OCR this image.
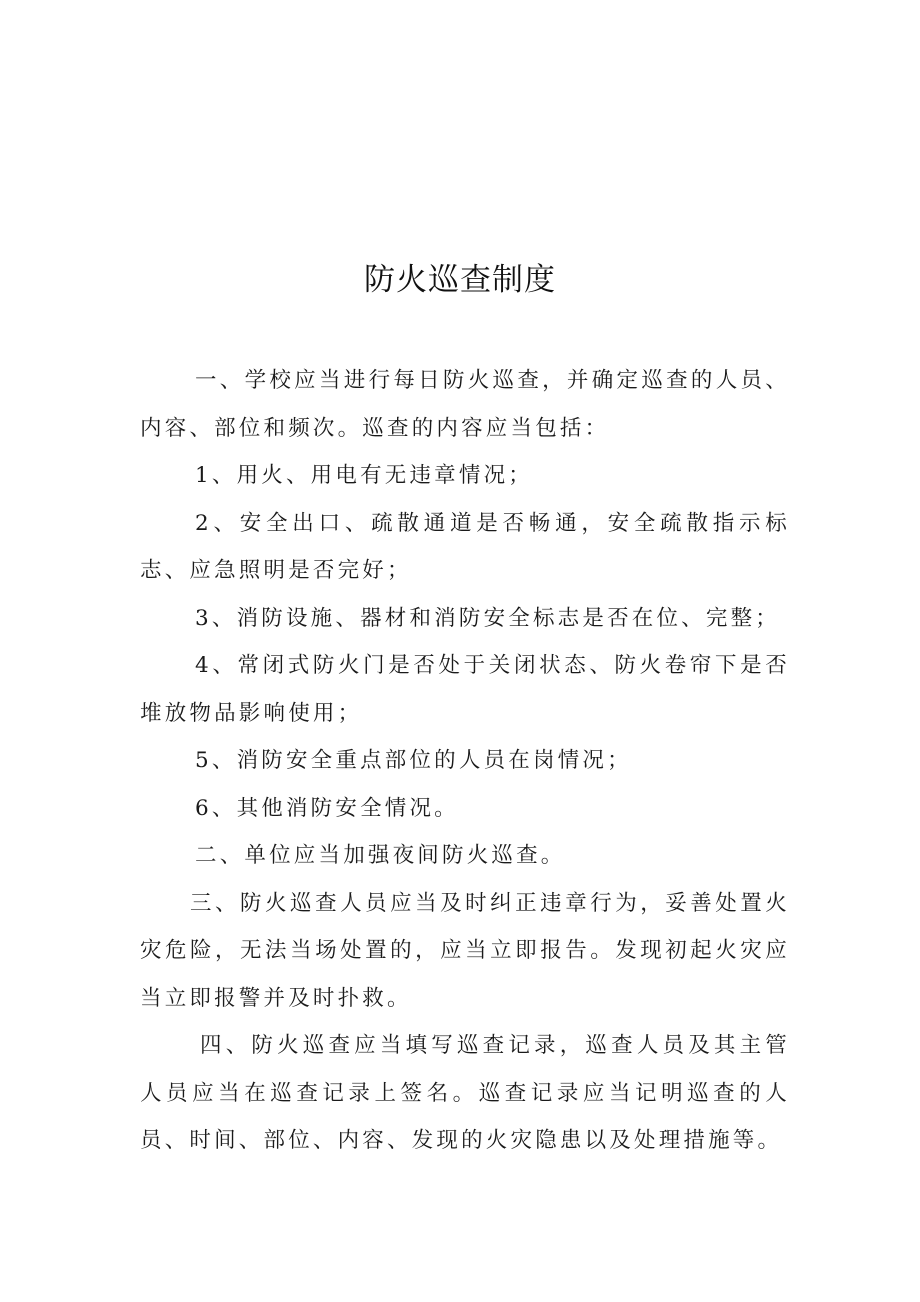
防火巡查制度

一、学校应当进行每日防火巡查，并确定巡查的人员、内容、部位和频次。巡查的内容应当包括：

1、用火、用电有无违章情况；

2、安全出口、疏散通道是否畅通，安全疏散指示标志、应急照明是否完好；

3、消防设施、器材和消防安全标志是否在位、完整；

4、常闭式防火门是否处于关闭状态、防火卷帘下是否堆放物品影响使用；

5、消防安全重点部位的人员在岗情况；

6、其他消防安全情况。

二、单位应当加强夜间防火巡查。

三、防火巡查人员应当及时纠正违章行为，妥善处置火灾危险，无法当场处置的，应当立即报告。发现初起火灾应当立即报警并及时扑救。

四、防火巡查应当填写巡查记录，巡查人员及其主管人员应当在巡查记录上签名。巡查记录应当记明巡查的人员、时间、部位、内容、发现的火灾隐患以及处理措施等。
